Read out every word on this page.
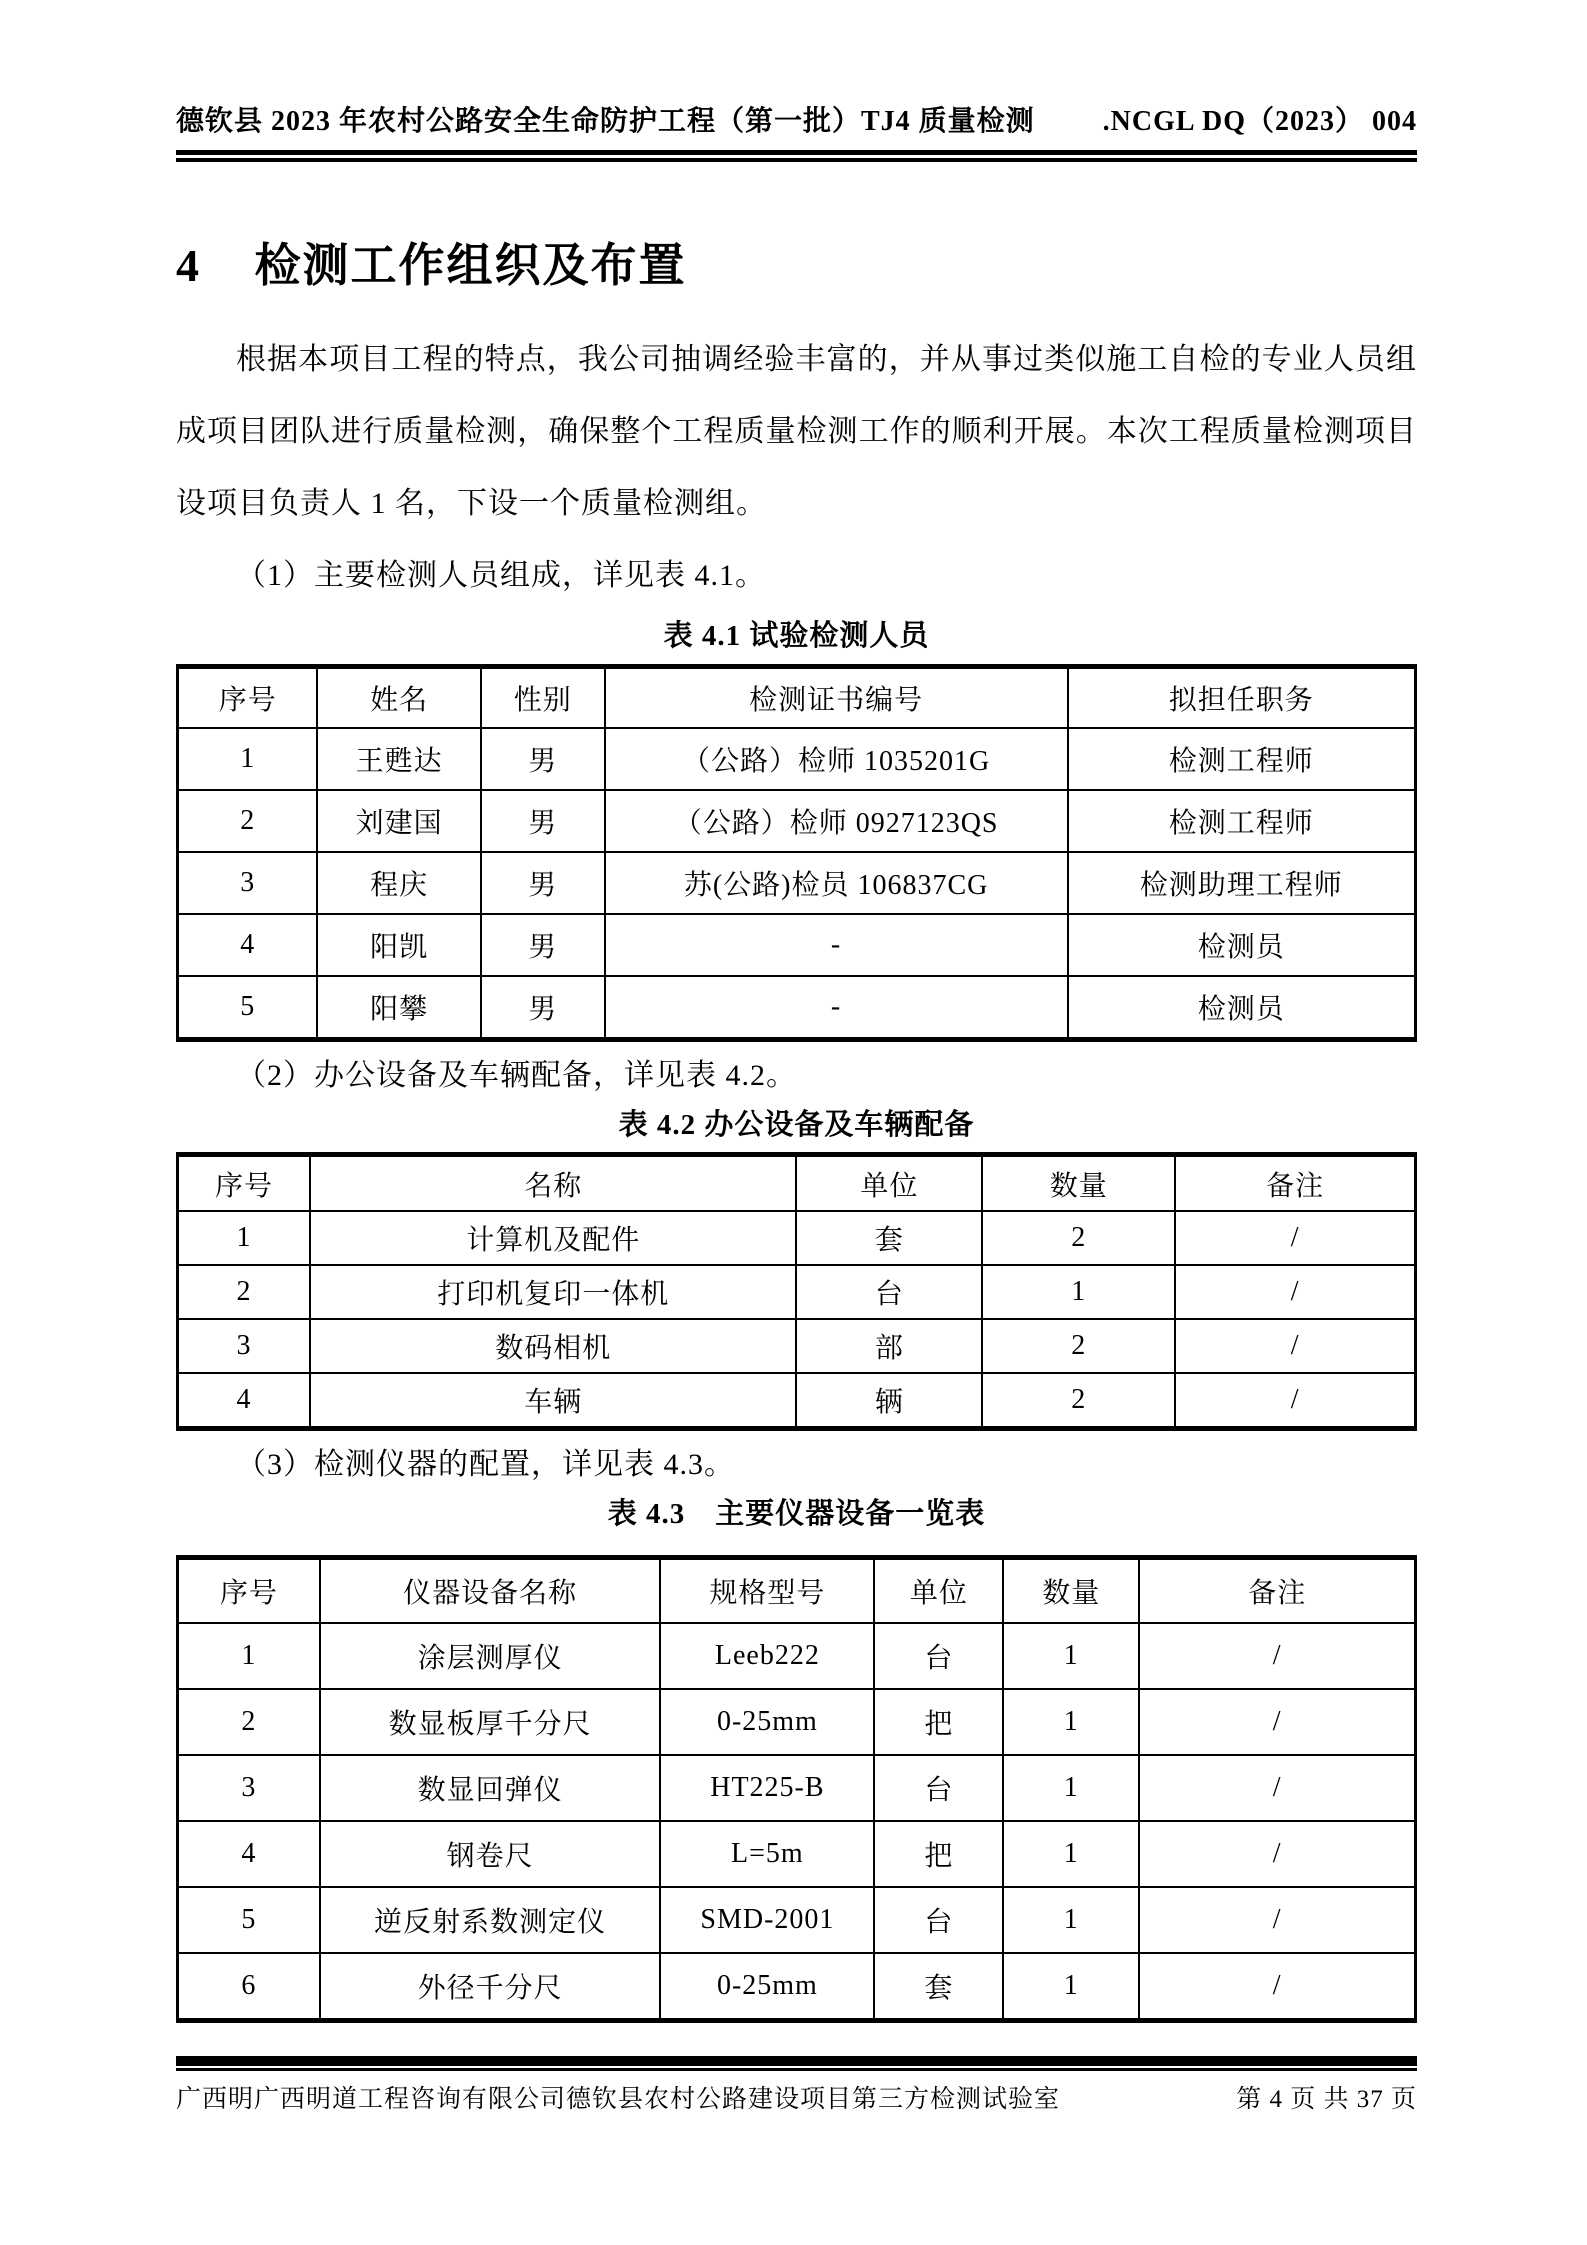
德钦县 2023 年农村公路安全生命防护工程（第一批）TJ4 质量检测 .NCGL DQ（2023） 004
4 检测工作组织及布置

根据本项目工程的特点，我公司抽调经验丰富的，并从事过类似施工自检的专业人员组成项目团队进行质量检测，确保整个工程质量检测工作的顺利开展。本次工程质量检测项目设项目负责人 1 名，下设一个质量检测组。

（1）主要检测人员组成，详见表 4.1。

表 4.1 试验检测人员
序号	姓名	性别	检测证书编号	拟担任职务
1	王甦达	男	（公路）检师 1035201G	检测工程师
2	刘建国	男	（公路）检师 0927123QS	检测工程师
3	程庆	男	苏(公路)检员 106837CG	检测助理工程师
4	阳凯	男	-	检测员
5	阳攀	男	-	检测员

（2）办公设备及车辆配备，详见表 4.2。

表 4.2 办公设备及车辆配备
序号	名称	单位	数量	备注
1	计算机及配件	套	2	/
2	打印机复印一体机	台	1	/
3	数码相机	部	2	/
4	车辆	辆	2	/

（3）检测仪器的配置，详见表 4.3。

表 4.3　主要仪器设备一览表
序号	仪器设备名称	规格型号	单位	数量	备注
1	涂层测厚仪	Leeb222	台	1	/
2	数显板厚千分尺	0-25mm	把	1	/
3	数显回弹仪	HT225-B	台	1	/
4	钢卷尺	L=5m	把	1	/
5	逆反射系数测定仪	SMD-2001	台	1	/
6	外径千分尺	0-25mm	套	1	/
广西明广西明道工程咨询有限公司德钦县农村公路建设项目第三方检测试验室	第 4 页 共 37 页
